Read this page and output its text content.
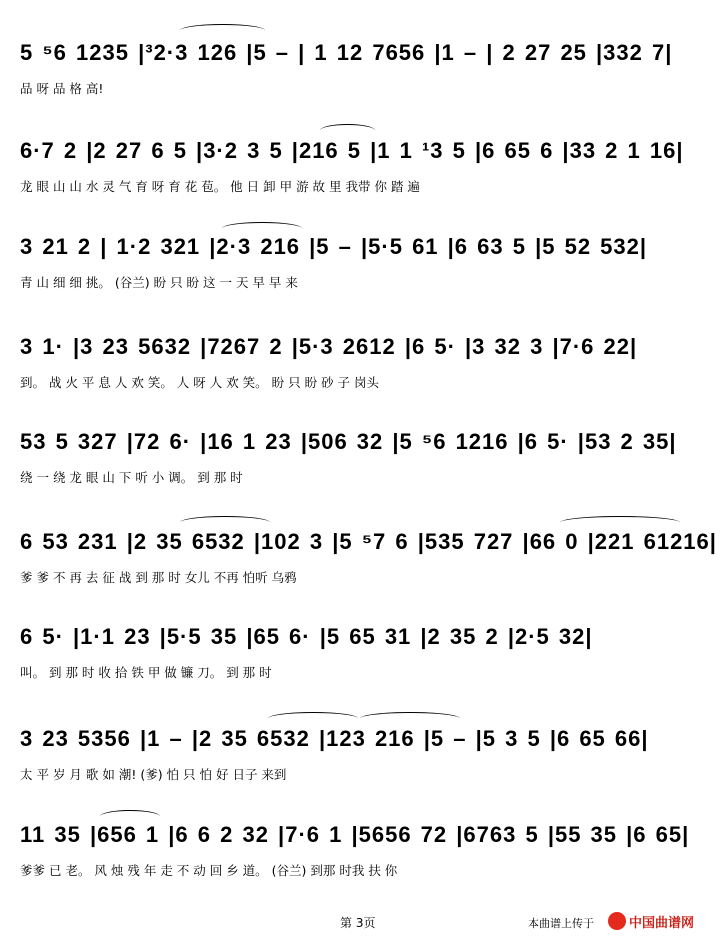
5 ⁵6 1235 |³2·3 126 |5 – | 1 12 7656 |1 – | 2 27 25 |332 7|
品 呀 品 格 高!
6·7 2 |2 27 6 5 |3·2 3 5 |216 5 |1 1 ¹3 5 |6 65 6 |33 2 1 16|
龙 眼 山 山 水 灵 气 育 呀 育 花 苞。 他 日 卸 甲 游 故 里 我带 你 踏 遍
3 21 2 | 1·2 321 |2·3 216 |5 – |5·5 61 |6 63 5 |5 52 532|
青 山 细 细 挑。 (谷兰) 盼 只 盼 这 一 天 早 早 来
3 1· |3 23 5632 |7267 2 |5·3 2612 |6 5· |3 32 3 |7·6 22|
到。 战 火 平 息 人 欢 笑。 人 呀 人 欢 笑。 盼 只 盼 砂 子 岗头
53 5 327 |72 6· |16 1 23 |506 32 |5 ⁵6 1216 |6 5· |53 2 35|
绕 一 绕 龙 眼 山 下 听 小 调。 到 那 时
6 53 231 |2 35 6532 |102 3 |5 ⁵7 6 |535 727 |66 0 |221 61216|
爹 爹 不 再 去 征 战 到 那 时 女儿 不再 怕听 乌鸦
6 5· |1·1 23 |5·5 35 |65 6· |5 65 31 |2 35 2 |2·5 32|
叫。 到 那 时 收 拾 铁 甲 做 镰 刀。 到 那 时
3 23 5356 |1 – |2 35 6532 |123 216 |5 – |5 3 5 |6 65 66|
太 平 岁 月 歌 如 潮! (爹) 怕 只 怕 好 日子 来到
11 35 |656 1 |6 6 2 32 |7·6 1 |5656 72 |6763 5 |55 35 |6 65|
爹爹 已 老。 风 烛 残 年 走 不 动 回 乡 道。 (谷兰) 到那 时我 扶 你
第 3页	本曲谱上传于	中国曲谱网
